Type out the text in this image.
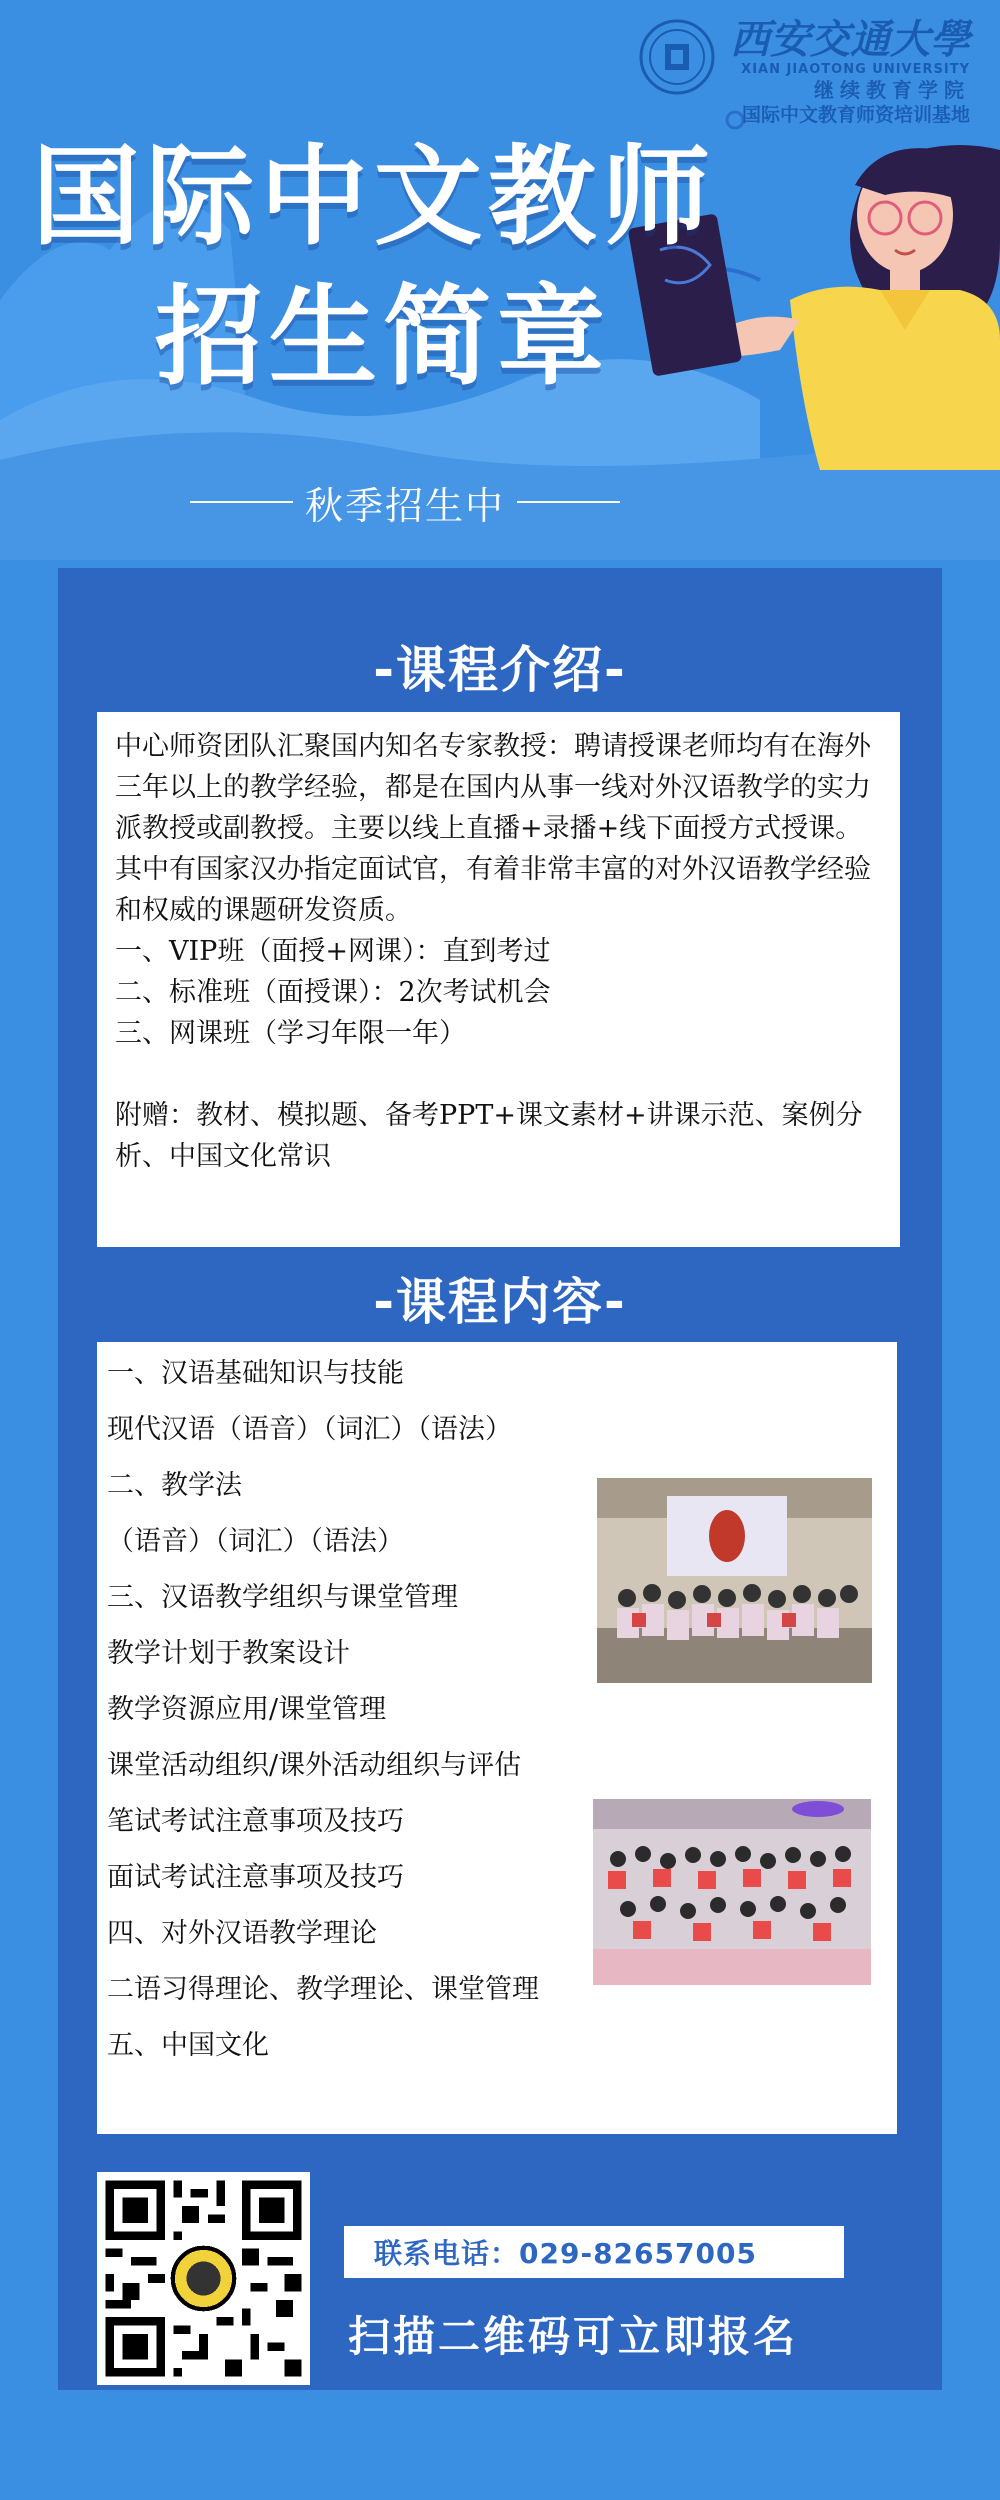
西安交通大學
XIAN JIAOTONG UNIVERSITY
继续教育学院
国际中文教育师资培训基地
国际中文教师
招生简章
秋季招生中
-课程介绍-

中心师资团队汇聚国内知名专家教授：聘请授课老师均有在海外三年以上的教学经验，都是在国内从事一线对外汉语教学的实力派教授或副教授。主要以线上直播+录播+线下面授方式授课。其中有国家汉办指定面试官，有着非常丰富的对外汉语教学经验和权威的课题研发资质。

一、VIP班（面授+网课）：直到考过

二、标准班（面授课）：2次考试机会

三、网课班（学习年限一年）

附赠：教材、模拟题、备考PPT+课文素材+讲课示范、案例分析、中国文化常识

-课程内容-
一、汉语基础知识与技能
现代汉语（语音）（词汇）（语法）
二、教学法
（语音）（词汇）（语法）
三、汉语教学组织与课堂管理
教学计划于教案设计
教学资源应用/课堂管理
课堂活动组织/课外活动组织与评估
笔试考试注意事项及技巧
面试考试注意事项及技巧
四、对外汉语教学理论
二语习得理论、教学理论、课堂管理
五、中国文化
联系电话：029-82657005
扫描二维码可立即报名
